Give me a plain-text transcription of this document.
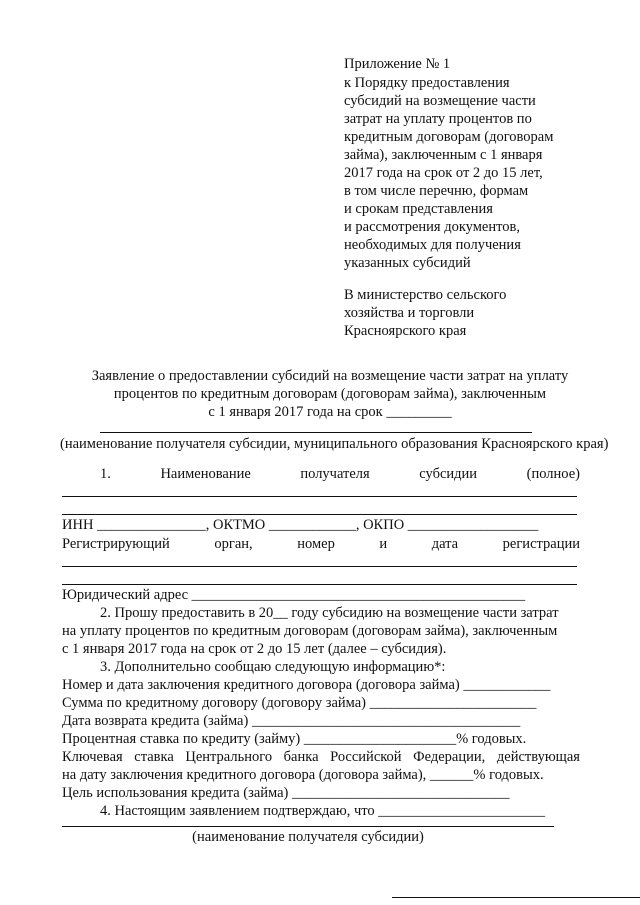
Приложение № 1
к Порядку предоставления
субсидий на возмещение части
затрат на уплату процентов по
кредитным договорам (договорам
займа), заключенным с 1 января
2017 года на срок от 2 до 15 лет,
в том числе перечню, формам
и срокам представления
и рассмотрения документов,
необходимых для получения
указанных субсидий
В министерство сельского
хозяйства и торговли
Красноярского края
Заявление о предоставлении субсидий на возмещение части затрат на уплату
процентов по кредитным договорам (договорам займа), заключенным
с 1 января 2017 года на срок _________
(наименование получателя субсидии, муниципального образования Красноярского края)
1.	Наименование	получателя	субсидии	(полное)
ИНН _______________, ОКТМО ____________, ОКПО __________________
Регистрирующий	орган,	номер	и	дата	регистрации
Юридический адрес ______________________________________________
2. Прошу предоставить в 20__ году субсидию на возмещение части затрат
на уплату процентов по кредитным договорам (договорам займа), заключенным
с 1 января 2017 года на срок от 2 до 15 лет (далее – субсидия).
3. Дополнительно сообщаю следующую информацию*:
Номер и дата заключения кредитного договора (договора займа) ____________
Сумма по кредитному договору (договору займа) _______________________
Дата возврата кредита (займа) _____________________________________
Процентная ставка по кредиту (займу) _____________________% годовых.
Ключевая ставка Центрального банка Российской Федерации, действующая
на дату заключения кредитного договора (договора займа), ______% годовых.
Цель использования кредита (займа) ______________________________
4. Настоящим заявлением подтверждаю, что _______________________
(наименование получателя субсидии)
